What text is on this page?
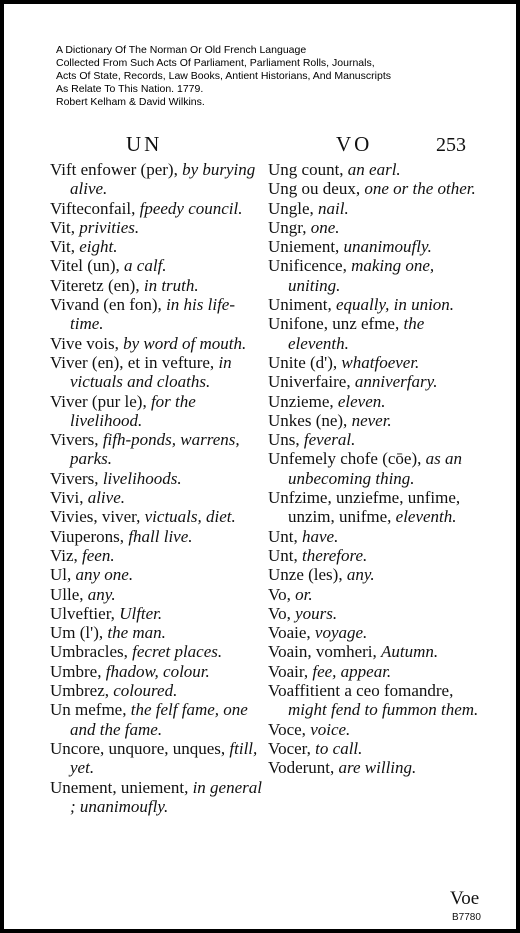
A Dictionary Of The Norman Or Old French Language
Collected From Such Acts Of Parliament, Parliament Rolls, Journals,
Acts Of State, Records, Law Books, Antient Historians, And Manuscripts
As Relate To This Nation. 1779.
Robert Kelham & David Wilkins.
UN	VO	253
Vift enfower (per), by burying alive.
Vifteconfail, fpeedy council.
Vit, privities.
Vit, eight.
Vitel (un), a calf.
Viteretz (en), in truth.
Vivand (en fon), in his life-time.
Vive vois, by word of mouth.
Viver (en), et in vefture, in victuals and cloaths.
Viver (pur le), for the livelihood.
Vivers, fifh-ponds, warrens, parks.
Vivers, livelihoods.
Vivi, alive.
Vivies, viver, victuals, diet.
Viuperons, fhall live.
Viz, feen.
Ul, any one.
Ulle, any.
Ulveftier, Ulfter.
Um (l'), the man.
Umbracles, fecret places.
Umbre, fhadow, colour.
Umbrez, coloured.
Un mefme, the felf fame, one and the fame.
Uncore, unquore, unques, ftill, yet.
Unement, uniement, in general ; unanimoufly.
Ung count, an earl.
Ung ou deux, one or the other.
Ungle, nail.
Ungr, one.
Uniement, unanimoufly.
Unificence, making one, uniting.
Uniment, equally, in union.
Unifone, unz efme, the eleventh.
Unite (d'), whatfoever.
Univerfaire, anniverfary.
Unzieme, eleven.
Unkes (ne), never.
Uns, feveral.
Unfemely chofe (cōe), as an unbecoming thing.
Unfzime, unziefme, unfime, unzim, unifme, eleventh.
Unt, have.
Unt, therefore.
Unze (les), any.
Vo, or.
Vo, yours.
Voaie, voyage.
Voain, vomheri, Autumn.
Voair, fee, appear.
Voaffitient a ceo fomandre, might fend to fummon them.
Voce, voice.
Vocer, to call.
Voderunt, are willing.
Voe
B7780
